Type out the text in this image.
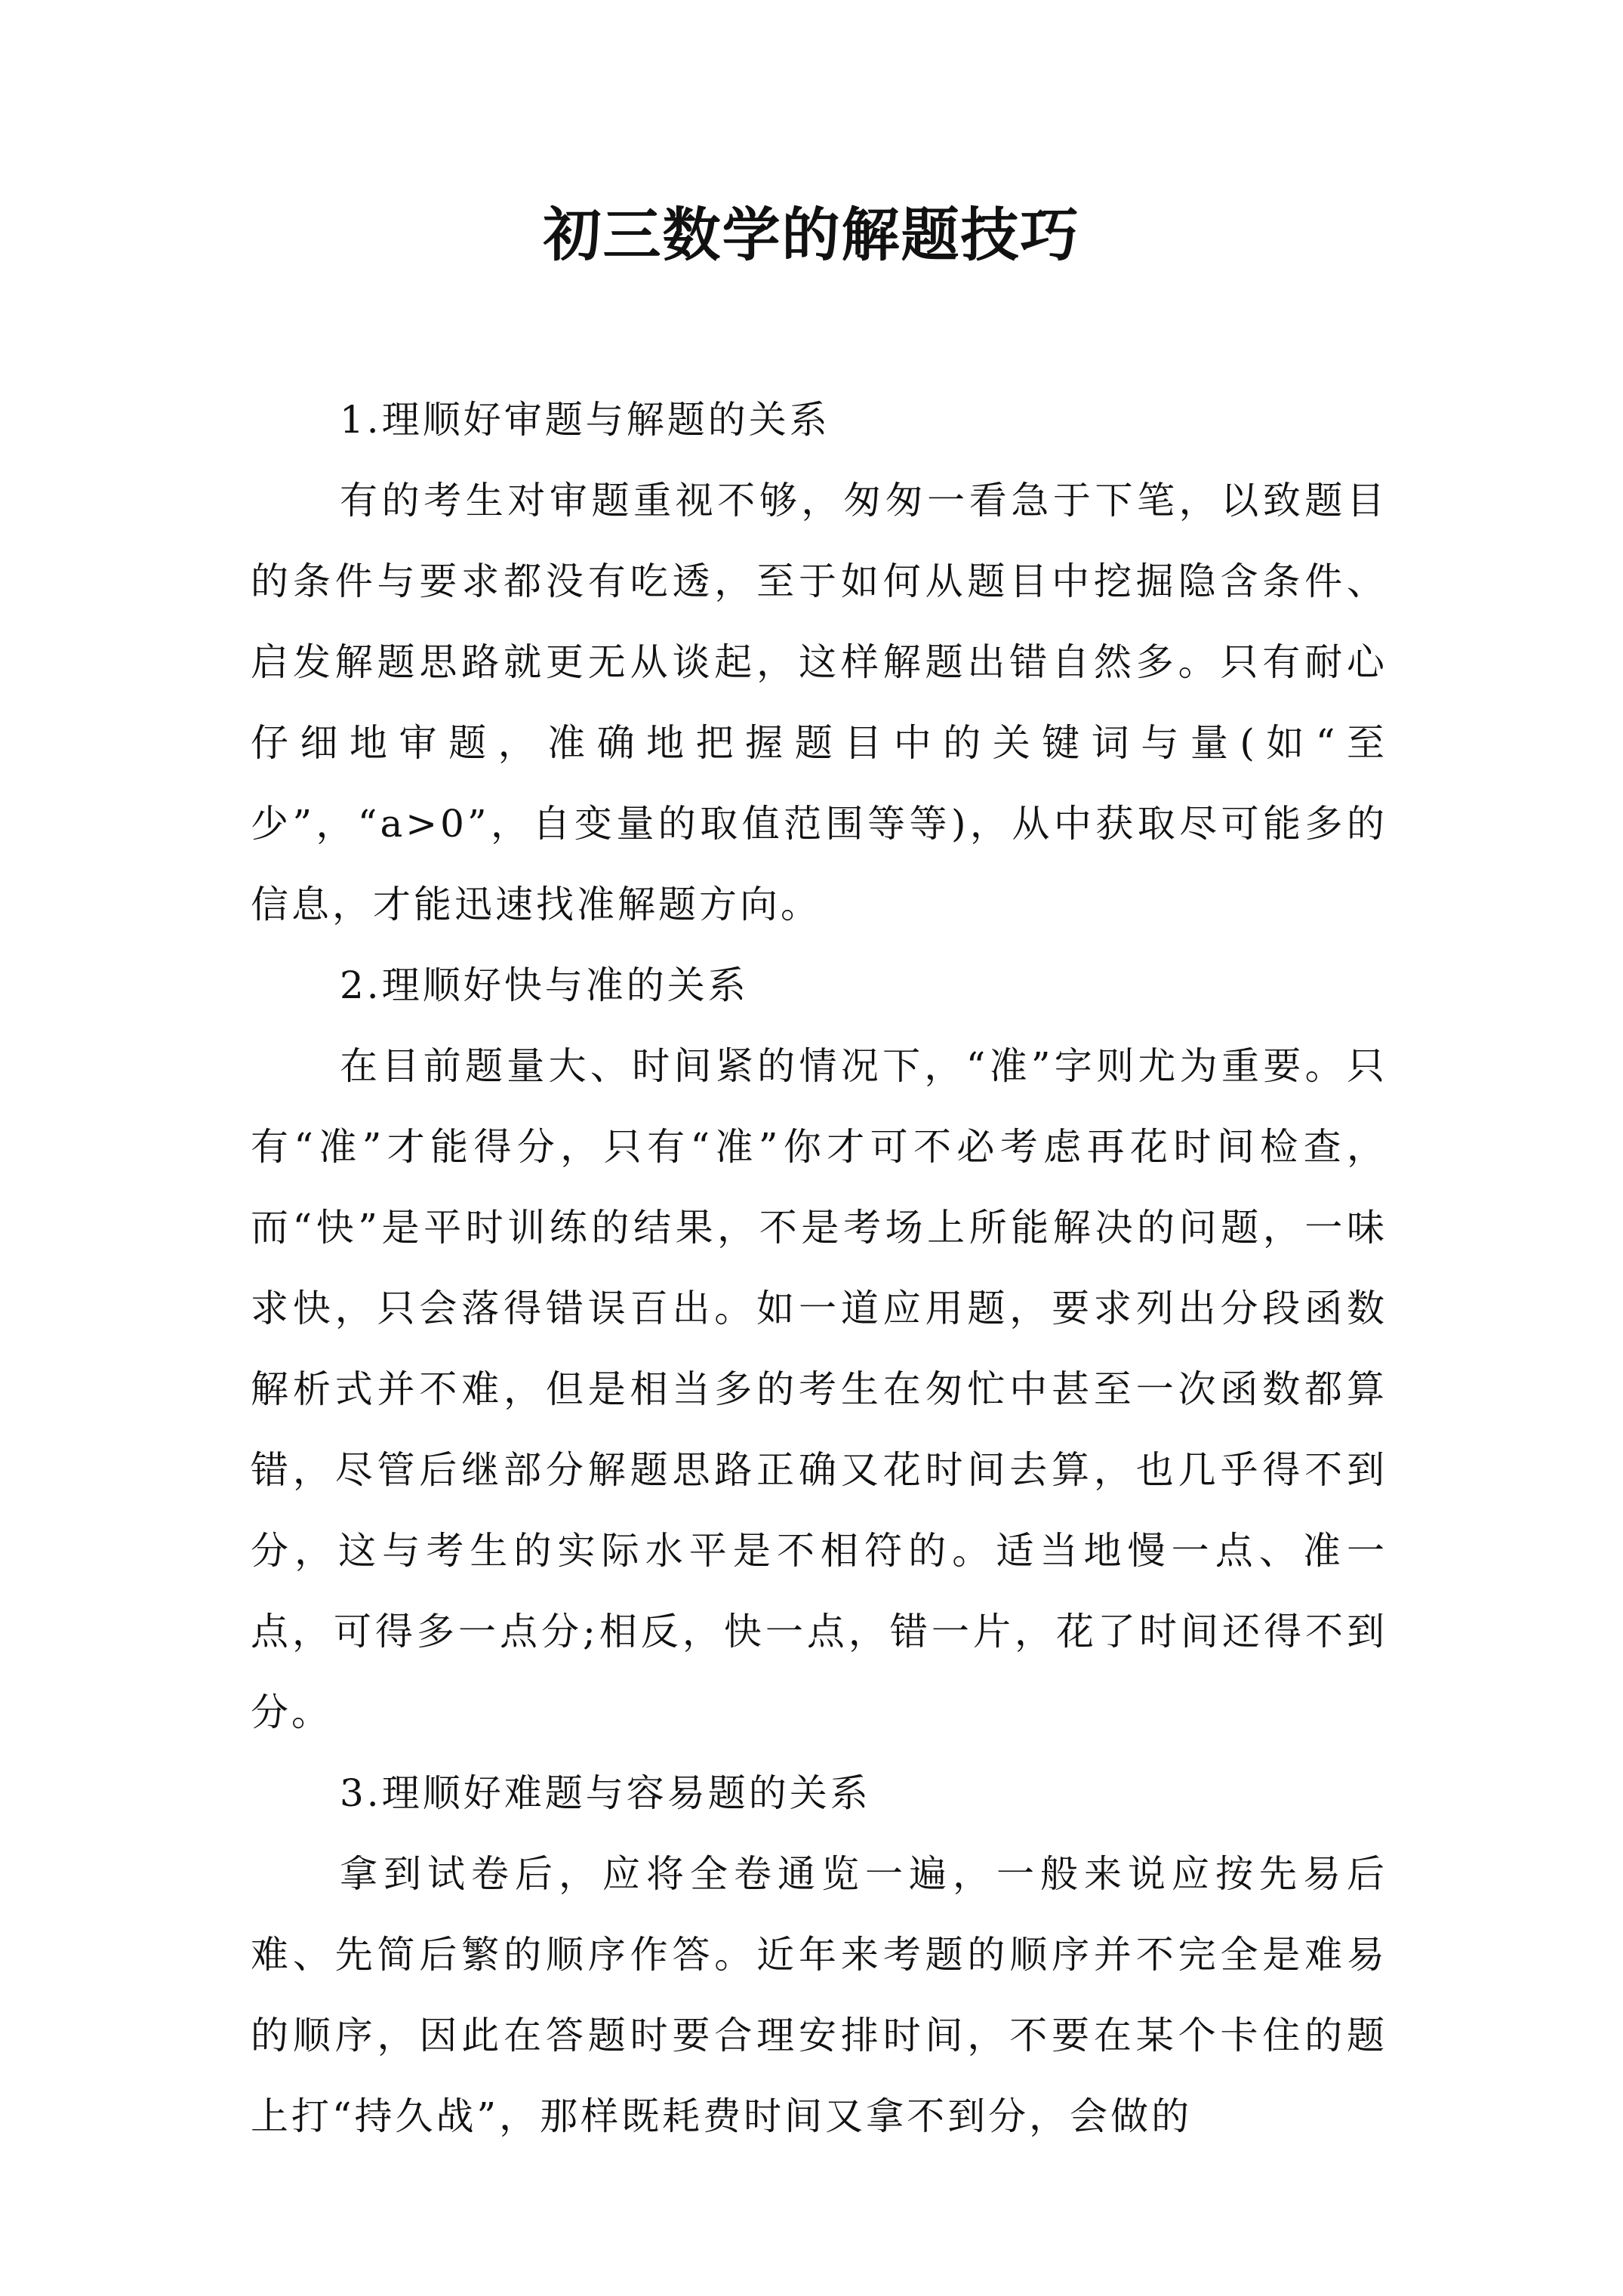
初三数学的解题技巧

1.理顺好审题与解题的关系

有的考生对审题重视不够，匆匆一看急于下笔，以致题目的条件与要求都没有吃透，至于如何从题目中挖掘隐含条件、启发解题思路就更无从谈起，这样解题出错自然多。只有耐心仔细地审题，准确地把握题目中的关键词与量(如“至少”，“a>0”，自变量的取值范围等等)，从中获取尽可能多的信息，才能迅速找准解题方向。

2.理顺好快与准的关系

在目前题量大、时间紧的情况下，“准”字则尤为重要。只有“准”才能得分，只有“准”你才可不必考虑再花时间检查，而“快”是平时训练的结果，不是考场上所能解决的问题，一味求快，只会落得错误百出。如一道应用题，要求列出分段函数解析式并不难，但是相当多的考生在匆忙中甚至一次函数都算错，尽管后继部分解题思路正确又花时间去算，也几乎得不到分，这与考生的实际水平是不相符的。适当地慢一点、准一点，可得多一点分;相反，快一点，错一片，花了时间还得不到分。

3.理顺好难题与容易题的关系

拿到试卷后，应将全卷通览一遍，一般来说应按先易后难、先简后繁的顺序作答。近年来考题的顺序并不完全是难易的顺序，因此在答题时要合理安排时间，不要在某个卡住的题上打“持久战”，那样既耗费时间又拿不到分，会做的
